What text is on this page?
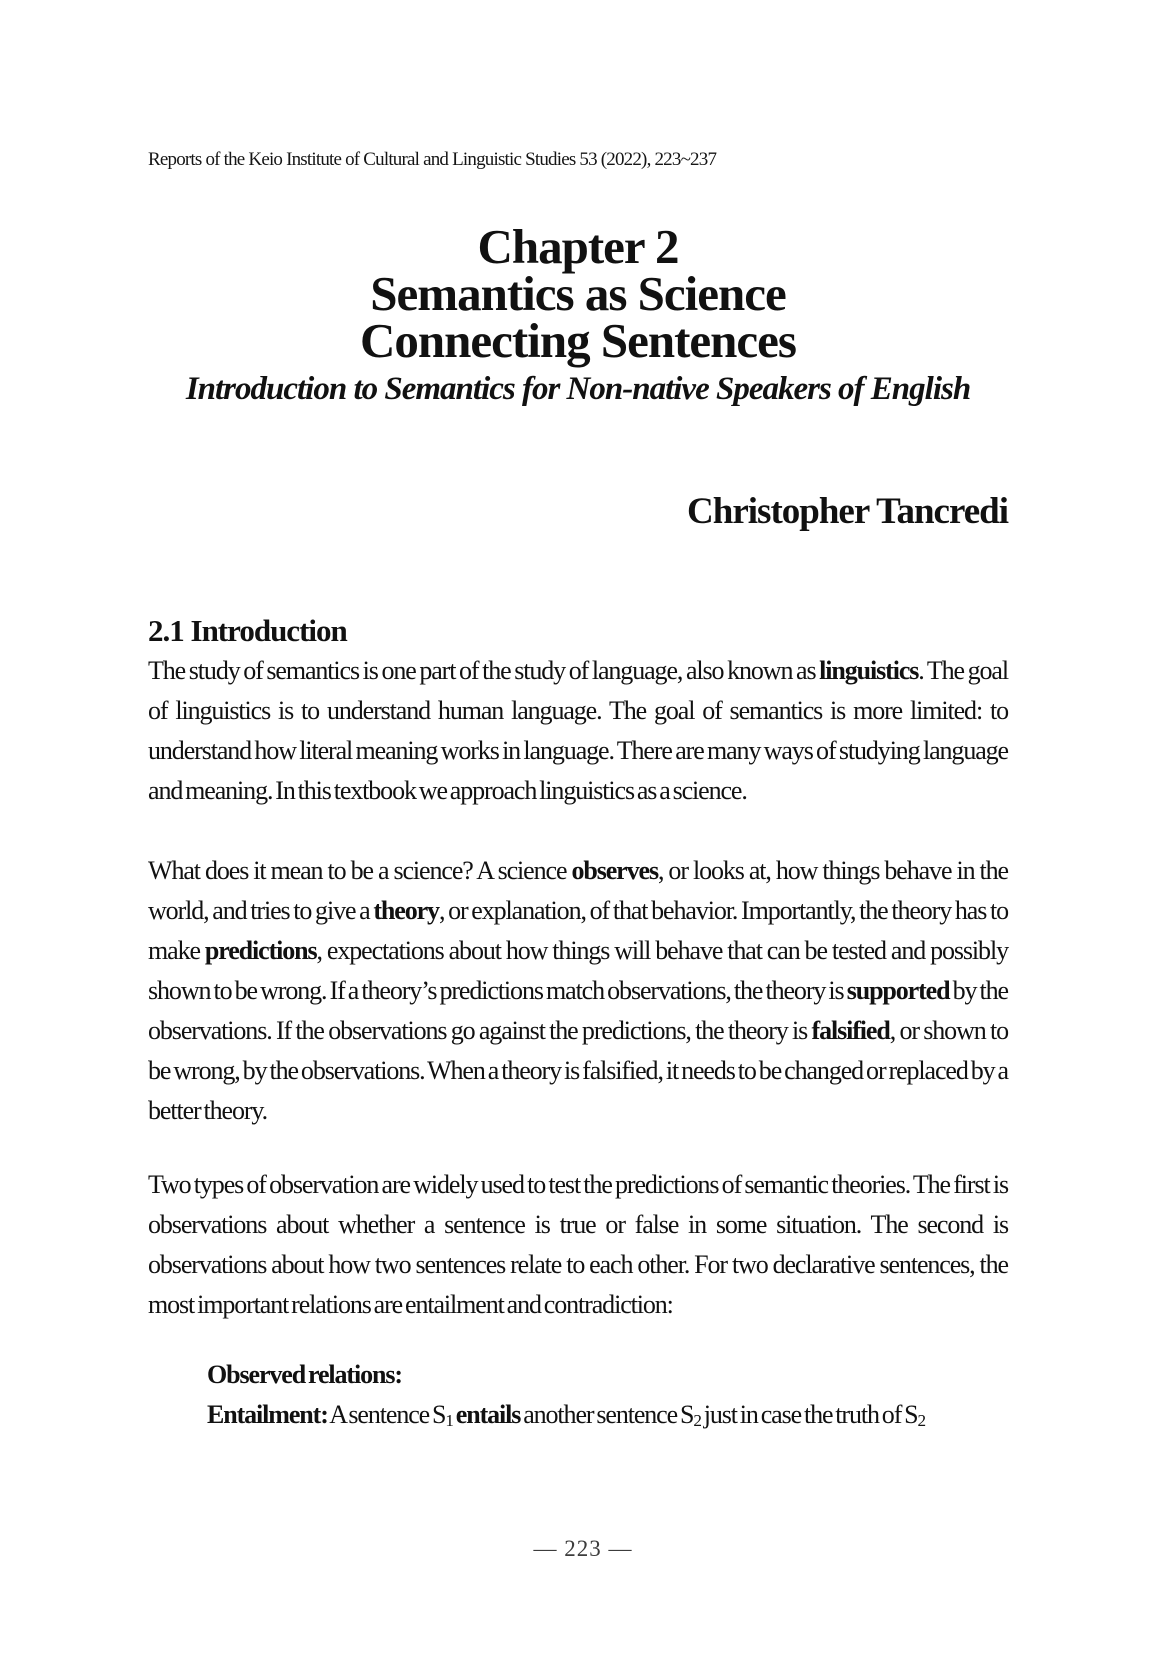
Reports of the Keio Institute of Cultural and Linguistic Studies 53 (2022), 223~237
Chapter 2
Semantics as Science
Connecting Sentences
Introduction to Semantics for Non-native Speakers of English
Christopher Tancredi
2.1 Introduction

The study of semantics is one part of the study of language, also known as linguistics. The goal of linguistics is to understand human language. The goal of semantics is more limited: to understand how literal meaning works in language. There are many ways of studying language and meaning. In this textbook we approach linguistics as a science.

What does it mean to be a science? A science observes, or looks at, how things behave in the world, and tries to give a theory, or explanation, of that behavior. Importantly, the theory has to make predictions, expectations about how things will behave that can be tested and possibly shown to be wrong. If a theory’s predictions match observations, the theory is supported by the observations. If the observations go against the predictions, the theory is falsified, or shown to be wrong, by the observations. When a theory is falsified, it needs to be changed or replaced by a better theory.

Two types of observation are widely used to test the predictions of semantic theories. The first is observations about whether a sentence is true or false in some situation. The second is observations about how two sentences relate to each other. For two declarative sentences, the most important relations are entailment and contradiction:

Observed relations:

Entailment: A sentence $S_1$ entails another sentence $S_2$ just in case the truth of $S_2$

— 223 —
